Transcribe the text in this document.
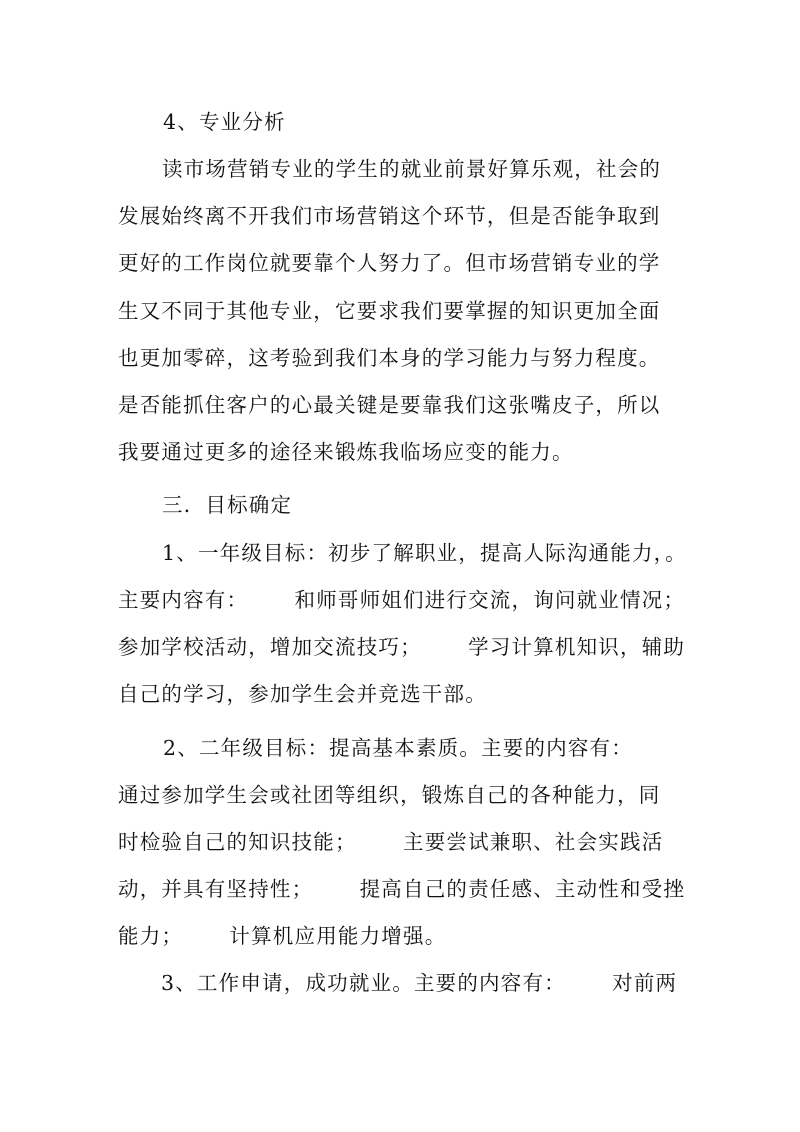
4、专业分析
读市场营销专业的学生的就业前景好算乐观，社会的
发展始终离不开我们市场营销这个环节，但是否能争取到
更好的工作岗位就要靠个人努力了。但市场营销专业的学
生又不同于其他专业，它要求我们要掌握的知识更加全面
也更加零碎，这考验到我们本身的学习能力与努力程度。
是否能抓住客户的心最关键是要靠我们这张嘴皮子，所以
我要通过更多的途径来锻炼我临场应变的能力。
三．目标确定
1、一年级目标：初步了解职业，提高人际沟通能力，。
主要内容有：      和师哥师姐们进行交流，询问就业情况；
参加学校活动，增加交流技巧；      学习计算机知识，辅助
自己的学习，参加学生会并竞选干部。
2、二年级目标：提高基本素质。主要的内容有：
通过参加学生会或社团等组织，锻炼自己的各种能力，同
时检验自己的知识技能；      主要尝试兼职、社会实践活
动，并具有坚持性；      提高自己的责任感、主动性和受挫
能力；      计算机应用能力增强。
3、工作申请，成功就业。主要的内容有：      对前两
